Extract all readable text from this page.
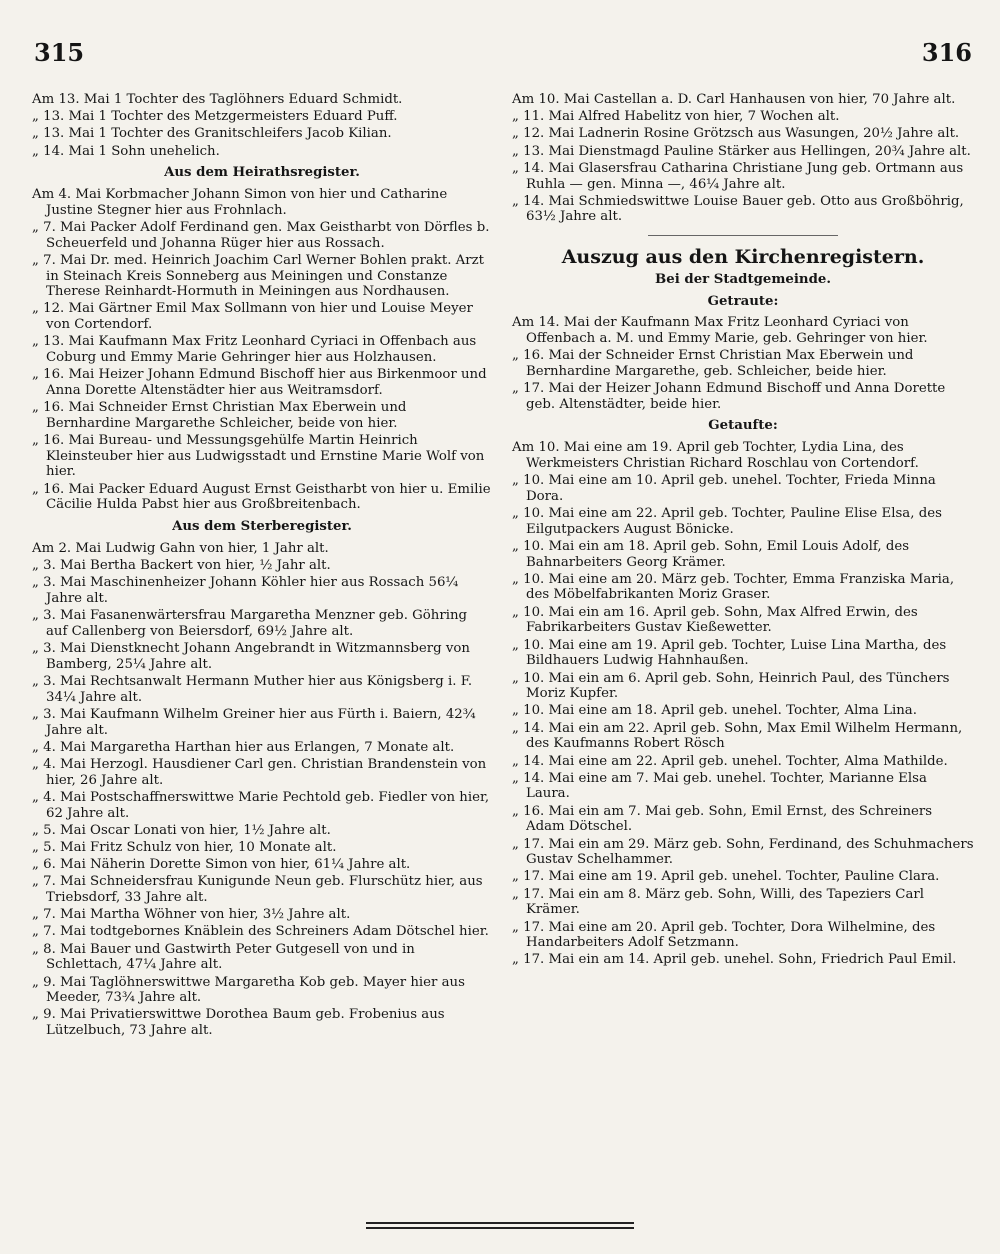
315	316

Am 13. Mai 1 Tochter des Taglöhners Eduard Schmidt.

„ 13. Mai 1 Tochter des Metzgermeisters Eduard Puff.

„ 13. Mai 1 Tochter des Granitschleifers Jacob Kilian.

„ 14. Mai 1 Sohn unehelich.

Aus dem Heirathsregister.

Am 4. Mai Korbmacher Johann Simon von hier und Catharine Justine Stegner hier aus Frohnlach.

„ 7. Mai Packer Adolf Ferdinand gen. Max Geistharbt von Dörfles b. Scheuerfeld und Johanna Rüger hier aus Rossach.

„ 7. Mai Dr. med. Heinrich Joachim Carl Werner Bohlen prakt. Arzt in Steinach Kreis Sonneberg aus Meiningen und Constanze Therese Reinhardt-Hormuth in Meiningen aus Nordhausen.

„ 12. Mai Gärtner Emil Max Sollmann von hier und Louise Meyer von Cortendorf.

„ 13. Mai Kaufmann Max Fritz Leonhard Cyriaci in Offenbach aus Coburg und Emmy Marie Gehringer hier aus Holzhausen.

„ 16. Mai Heizer Johann Edmund Bischoff hier aus Birkenmoor und Anna Dorette Altenstädter hier aus Weitramsdorf.

„ 16. Mai Schneider Ernst Christian Max Eberwein und Bernhardine Margarethe Schleicher, beide von hier.

„ 16. Mai Bureau- und Messungsgehülfe Martin Heinrich Kleinsteuber hier aus Ludwigsstadt und Ernstine Marie Wolf von hier.

„ 16. Mai Packer Eduard August Ernst Geistharbt von hier u. Emilie Cäcilie Hulda Pabst hier aus Großbreitenbach.

Aus dem Sterberegister.

Am 2. Mai Ludwig Gahn von hier, 1 Jahr alt.

„ 3. Mai Bertha Backert von hier, ½ Jahr alt.

„ 3. Mai Maschinenheizer Johann Köhler hier aus Rossach 56¼ Jahre alt.

„ 3. Mai Fasanenwärtersfrau Margaretha Menzner geb. Göhring auf Callenberg von Beiersdorf, 69½ Jahre alt.

„ 3. Mai Dienstknecht Johann Angebrandt in Witzmannsberg von Bamberg, 25¼ Jahre alt.

„ 3. Mai Rechtsanwalt Hermann Muther hier aus Königsberg i. F. 34¼ Jahre alt.

„ 3. Mai Kaufmann Wilhelm Greiner hier aus Fürth i. Baiern, 42¾ Jahre alt.

„ 4. Mai Margaretha Harthan hier aus Erlangen, 7 Monate alt.

„ 4. Mai Herzogl. Hausdiener Carl gen. Christian Brandenstein von hier, 26 Jahre alt.

„ 4. Mai Postschaffnerswittwe Marie Pechtold geb. Fiedler von hier, 62 Jahre alt.

„ 5. Mai Oscar Lonati von hier, 1½ Jahre alt.

„ 5. Mai Fritz Schulz von hier, 10 Monate alt.

„ 6. Mai Näherin Dorette Simon von hier, 61¼ Jahre alt.

„ 7. Mai Schneidersfrau Kunigunde Neun geb. Flurschütz hier, aus Triebsdorf, 33 Jahre alt.

„ 7. Mai Martha Wöhner von hier, 3½ Jahre alt.

„ 7. Mai todtgebornes Knäblein des Schreiners Adam Dötschel hier.

„ 8. Mai Bauer und Gastwirth Peter Gutgesell von und in Schlettach, 47¼ Jahre alt.

„ 9. Mai Taglöhnerswittwe Margaretha Kob geb. Mayer hier aus Meeder, 73¾ Jahre alt.

„ 9. Mai Privatierswittwe Dorothea Baum geb. Frobenius aus Lützelbuch, 73 Jahre alt.

Am 10. Mai Castellan a. D. Carl Hanhausen von hier, 70 Jahre alt.

„ 11. Mai Alfred Habelitz von hier, 7 Wochen alt.

„ 12. Mai Ladnerin Rosine Grötzsch aus Wasungen, 20½ Jahre alt.

„ 13. Mai Dienstmagd Pauline Stärker aus Hellingen, 20¾ Jahre alt.

„ 14. Mai Glasersfrau Catharina Christiane Jung geb. Ortmann aus Ruhla — gen. Minna —, 46¼ Jahre alt.

„ 14. Mai Schmiedswittwe Louise Bauer geb. Otto aus Großböhrig, 63½ Jahre alt.

Auszug aus den Kirchenregistern.
Bei der Stadtgemeinde.
Getraute:

Am 14. Mai der Kaufmann Max Fritz Leonhard Cyriaci von Offenbach a. M. und Emmy Marie, geb. Gehringer von hier.

„ 16. Mai der Schneider Ernst Christian Max Eberwein und Bernhardine Margarethe, geb. Schleicher, beide hier.

„ 17. Mai der Heizer Johann Edmund Bischoff und Anna Dorette geb. Altenstädter, beide hier.

Getaufte:

Am 10. Mai eine am 19. April geb Tochter, Lydia Lina, des Werkmeisters Christian Richard Roschlau von Cortendorf.

„ 10. Mai eine am 10. April geb. unehel. Tochter, Frieda Minna Dora.

„ 10. Mai eine am 22. April geb. Tochter, Pauline Elise Elsa, des Eilgutpackers August Bönicke.

„ 10. Mai ein am 18. April geb. Sohn, Emil Louis Adolf, des Bahnarbeiters Georg Krämer.

„ 10. Mai eine am 20. März geb. Tochter, Emma Franziska Maria, des Möbelfabrikanten Moriz Graser.

„ 10. Mai ein am 16. April geb. Sohn, Max Alfred Erwin, des Fabrikarbeiters Gustav Kießewetter.

„ 10. Mai eine am 19. April geb. Tochter, Luise Lina Martha, des Bildhauers Ludwig Hahnhaußen.

„ 10. Mai ein am 6. April geb. Sohn, Heinrich Paul, des Tünchers Moriz Kupfer.

„ 10. Mai eine am 18. April geb. unehel. Tochter, Alma Lina.

„ 14. Mai ein am 22. April geb. Sohn, Max Emil Wilhelm Hermann, des Kaufmanns Robert Rösch

„ 14. Mai eine am 22. April geb. unehel. Tochter, Alma Mathilde.

„ 14. Mai eine am 7. Mai geb. unehel. Tochter, Marianne Elsa Laura.

„ 16. Mai ein am 7. Mai geb. Sohn, Emil Ernst, des Schreiners Adam Dötschel.

„ 17. Mai ein am 29. März geb. Sohn, Ferdinand, des Schuhmachers Gustav Schelhammer.

„ 17. Mai eine am 19. April geb. unehel. Tochter, Pauline Clara.

„ 17. Mai ein am 8. März geb. Sohn, Willi, des Tapeziers Carl Krämer.

„ 17. Mai eine am 20. April geb. Tochter, Dora Wilhelmine, des Handarbeiters Adolf Setzmann.

„ 17. Mai ein am 14. April geb. unehel. Sohn, Friedrich Paul Emil.
